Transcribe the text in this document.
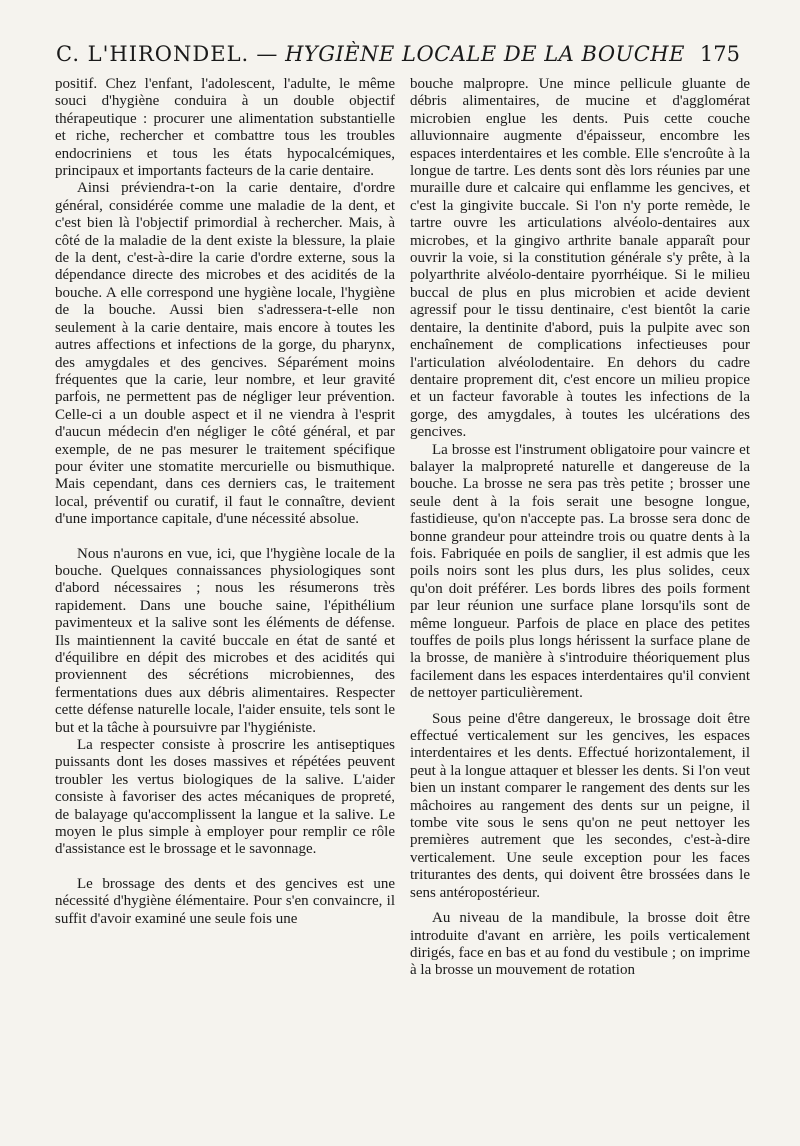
C. L'HIRONDEL. — HYGIÈNE LOCALE DE LA BOUCHE 175

positif. Chez l'enfant, l'adolescent, l'adulte, le même souci d'hygiène conduira à un double objectif thérapeutique : procurer une alimentation substantielle et riche, rechercher et combattre tous les troubles endocriniens et tous les états hypocalcémiques, principaux et importants facteurs de la carie dentaire.

Ainsi préviendra-t-on la carie dentaire, d'ordre général, considérée comme une maladie de la dent, et c'est bien là l'objectif primordial à rechercher. Mais, à côté de la maladie de la dent existe la blessure, la plaie de la dent, c'est-à-dire la carie d'ordre externe, sous la dépendance directe des microbes et des acidités de la bouche. A elle correspond une hygiène locale, l'hygiène de la bouche. Aussi bien s'adressera-t-elle non seulement à la carie dentaire, mais encore à toutes les autres affections et infections de la gorge, du pharynx, des amygdales et des gencives. Séparément moins fréquentes que la carie, leur nombre, et leur gravité parfois, ne permettent pas de négliger leur prévention. Celle-ci a un double aspect et il ne viendra à l'esprit d'aucun médecin d'en négliger le côté général, et par exemple, de ne pas mesurer le traitement spécifique pour éviter une stomatite mercurielle ou bismuthique. Mais cependant, dans ces derniers cas, le traitement local, préventif ou curatif, il faut le connaître, devient d'une importance capitale, d'une nécessité absolue.

Nous n'aurons en vue, ici, que l'hygiène locale de la bouche. Quelques connaissances physiologiques sont d'abord nécessaires ; nous les résumerons très rapidement. Dans une bouche saine, l'épithélium pavimenteux et la salive sont les éléments de défense. Ils maintiennent la cavité buccale en état de santé et d'équilibre en dépit des microbes et des acidités qui proviennent des sécrétions microbiennes, des fermentations dues aux débris alimentaires. Respecter cette défense naturelle locale, l'aider ensuite, tels sont le but et la tâche à poursuivre par l'hygiéniste.

La respecter consiste à proscrire les antiseptiques puissants dont les doses massives et répétées peuvent troubler les vertus biologiques de la salive. L'aider consiste à favoriser des actes mécaniques de propreté, de balayage qu'accomplissent la langue et la salive. Le moyen le plus simple à employer pour remplir ce rôle d'assistance est le brossage et le savonnage.

Le brossage des dents et des gencives est une nécessité d'hygiène élémentaire. Pour s'en convaincre, il suffit d'avoir examiné une seule fois une

bouche malpropre. Une mince pellicule gluante de débris alimentaires, de mucine et d'agglomérat microbien englue les dents. Puis cette couche alluvionnaire augmente d'épaisseur, encombre les espaces interdentaires et les comble. Elle s'encroûte à la longue de tartre. Les dents sont dès lors réunies par une muraille dure et calcaire qui enflamme les gencives, et c'est la gingivite buccale. Si l'on n'y porte remède, le tartre ouvre les articulations alvéolo-dentaires aux microbes, et la gingivo arthrite banale apparaît pour ouvrir la voie, si la constitution générale s'y prête, à la polyarthrite alvéolo-dentaire pyorrhéique. Si le milieu buccal de plus en plus microbien et acide devient agressif pour le tissu dentinaire, c'est bientôt la carie dentaire, la dentinite d'abord, puis la pulpite avec son enchaînement de complications infectieuses pour l'articulation alvéolodentaire. En dehors du cadre dentaire proprement dit, c'est encore un milieu propice et un facteur favorable à toutes les infections de la gorge, des amygdales, à toutes les ulcérations des gencives.

La brosse est l'instrument obligatoire pour vaincre et balayer la malpropreté naturelle et dangereuse de la bouche. La brosse ne sera pas très petite ; brosser une seule dent à la fois serait une besogne longue, fastidieuse, qu'on n'accepte pas. La brosse sera donc de bonne grandeur pour atteindre trois ou quatre dents à la fois. Fabriquée en poils de sanglier, il est admis que les poils noirs sont les plus durs, les plus solides, ceux qu'on doit préférer. Les bords libres des poils forment par leur réunion une surface plane lorsqu'ils sont de même longueur. Parfois de place en place des petites touffes de poils plus longs hérissent la surface plane de la brosse, de manière à s'introduire théoriquement plus facilement dans les espaces interdentaires qu'il convient de nettoyer particulièrement.

Sous peine d'être dangereux, le brossage doit être effectué verticalement sur les gencives, les espaces interdentaires et les dents. Effectué horizontalement, il peut à la longue attaquer et blesser les dents. Si l'on veut bien un instant comparer le rangement des dents sur les mâchoires au rangement des dents sur un peigne, il tombe vite sous le sens qu'on ne peut nettoyer les premières autrement que les secondes, c'est-à-dire verticalement. Une seule exception pour les faces triturantes des dents, qui doivent être brossées dans le sens antéropostérieur.

Au niveau de la mandibule, la brosse doit être introduite d'avant en arrière, les poils verticalement dirigés, face en bas et au fond du vestibule ; on imprime à la brosse un mouvement de rotation
